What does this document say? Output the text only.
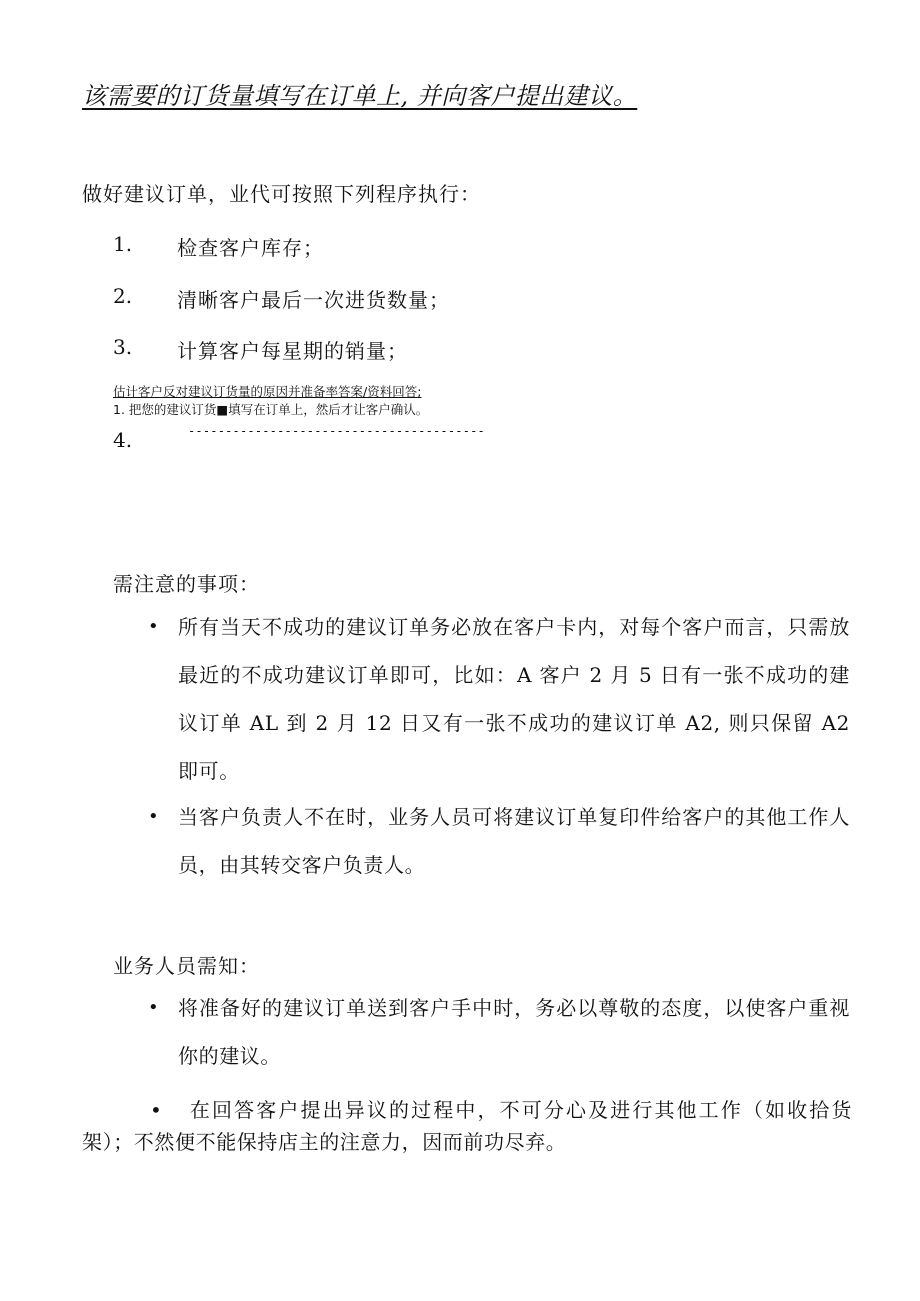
该需要的订货量填写在订单上, 并向客户提出建议。
做好建议订单，业代可按照下列程序执行：
1. 检查客户库存；
2. 清晰客户最后一次进货数量；
3. 计算客户每星期的销量；
估计客户反对建议订货量的原因并准备率答案/资料回答;
1. 把您的建议订货■填写在订单上，然后才让客户确认。
4.	----------------------------------------
需注意的事项：
• 所有当天不成功的建议订单务必放在客户卡内，对每个客户而言，只需放最近的不成功建议订单即可，比如：A 客户 2 月 5 日有一张不成功的建议订单 AL 到 2 月 12 日又有一张不成功的建议订单 A2, 则只保留 A2 即可。
• 当客户负责人不在时，业务人员可将建议订单复印件给客户的其他工作人员，由其转交客户负责人。
业务人员需知：
• 将准备好的建议订单送到客户手中时，务必以尊敬的态度，以使客户重视你的建议。
• 在回答客户提出异议的过程中，不可分心及进行其他工作（如收拾货架）；不然便不能保持店主的注意力，因而前功尽弃。
